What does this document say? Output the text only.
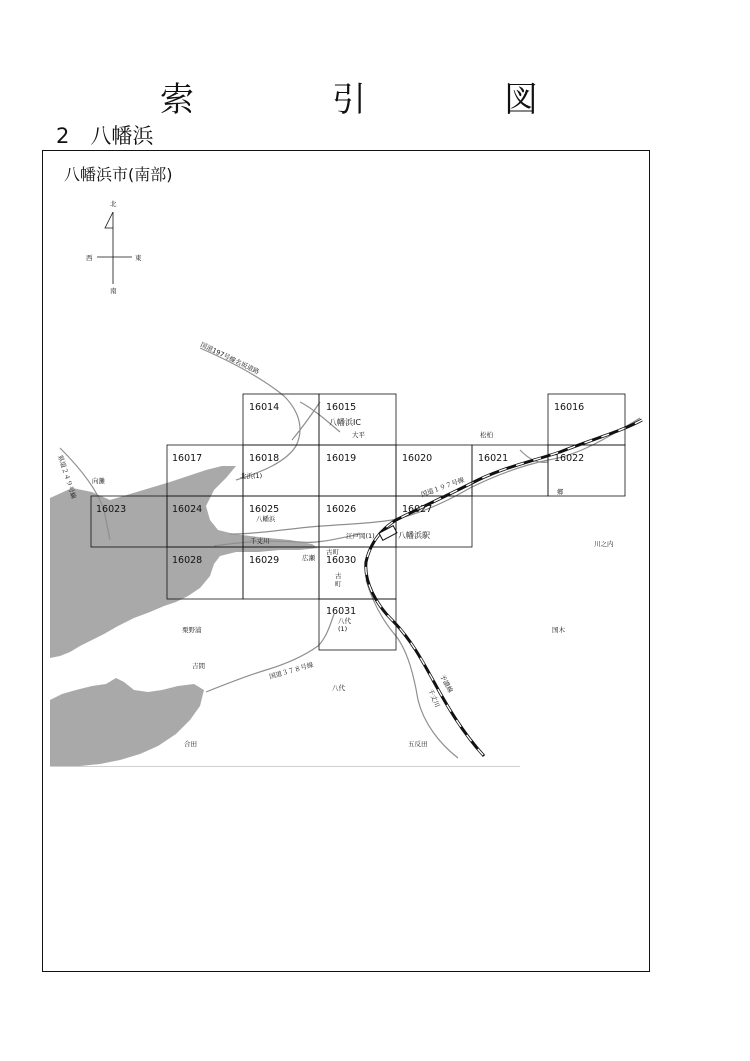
索　引　図
2　 八幡浜
八幡浜市(南部)
北
南
東
西
16014	16015	16016
16017	16018	16019	16020	16021	16022
16023	16024	16025	16026	16027
16028	16029	16030
16031
八幡浜IC
八幡浜駅
国道197号線名坂道路
国道１９７号線
国道３７８号線
県道２４９号線
予讃線
千丈川
大平	松柏
郷
向灘
北浜(1)
八幡浜
千丈川
江戸岡(1)
広瀬
古町
古
町
八代
(1)
川之内
栗野浦	国木
吉間
八代
合田	五反田
